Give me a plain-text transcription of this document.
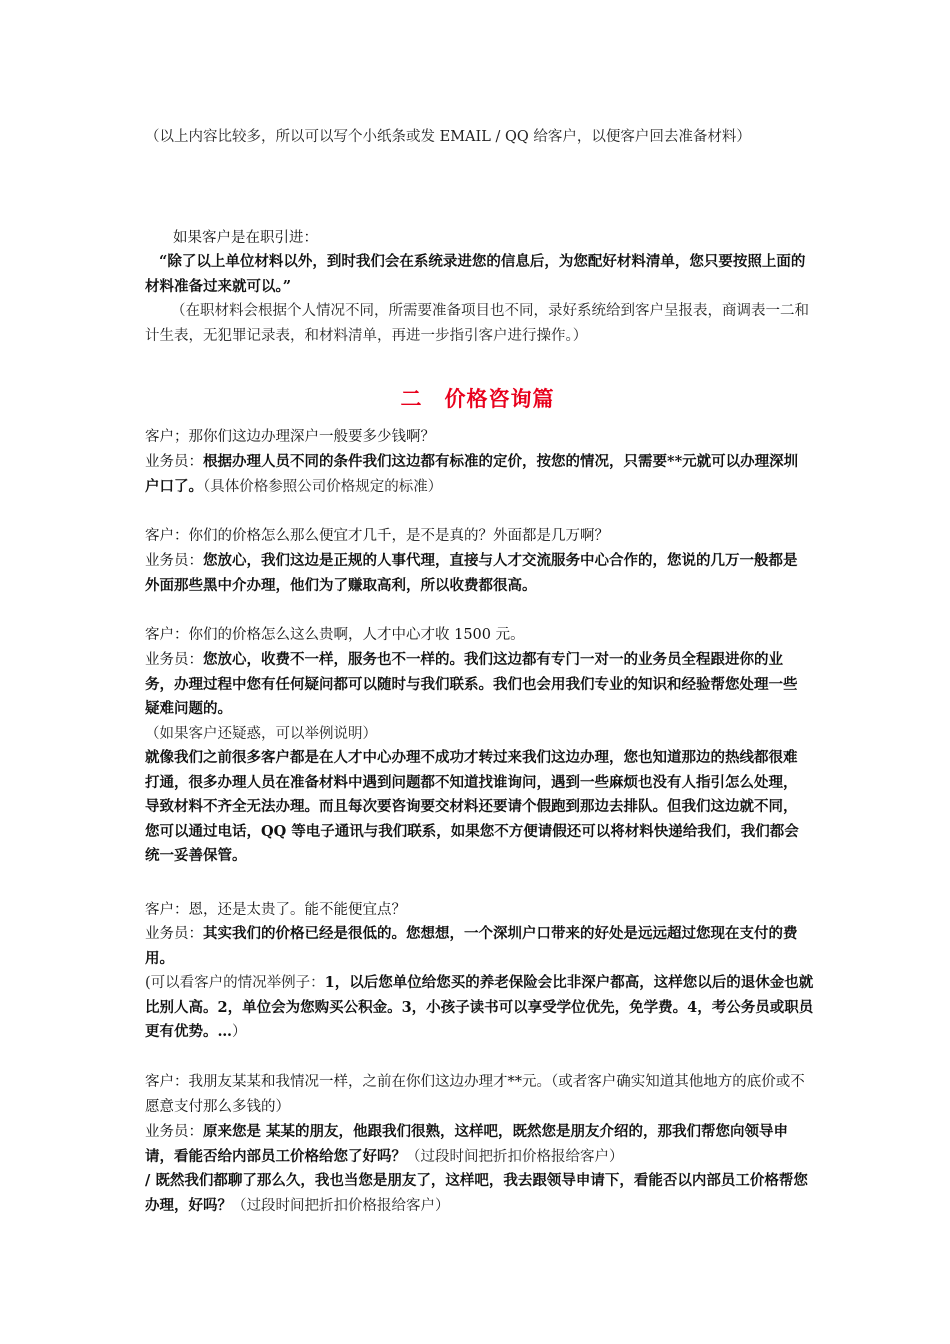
（以上内容比较多，所以可以写个小纸条或发 EMAIL / QQ 给客户，以便客户回去准备材料）

如果客户是在职引进：

“除了以上单位材料以外，到时我们会在系统录进您的信息后，为您配好材料清单，您只要按照上面的材料准备过来就可以。”

（在职材料会根据个人情况不同，所需要准备项目也不同，录好系统给到客户呈报表，商调表一二和计生表，无犯罪记录表，和材料清单，再进一步指引客户进行操作。）

二 价格咨询篇

客户；那你们这边办理深户一般要多少钱啊？

业务员：根据办理人员不同的条件我们这边都有标准的定价，按您的情况，只需要**元就可以办理深圳户口了。（具体价格参照公司价格规定的标准）

客户：你们的价格怎么那么便宜才几千，是不是真的？外面都是几万啊？

业务员：您放心，我们这边是正规的人事代理，直接与人才交流服务中心合作的，您说的几万一般都是外面那些黑中介办理，他们为了赚取高利，所以收费都很高。

客户：你们的价格怎么这么贵啊，人才中心才收 1500 元。

业务员：您放心，收费不一样，服务也不一样的。我们这边都有专门一对一的业务员全程跟进你的业务，办理过程中您有任何疑问都可以随时与我们联系。我们也会用我们专业的知识和经验帮您处理一些疑难问题的。

（如果客户还疑惑，可以举例说明）

就像我们之前很多客户都是在人才中心办理不成功才转过来我们这边办理，您也知道那边的热线都很难打通，很多办理人员在准备材料中遇到问题都不知道找谁询问，遇到一些麻烦也没有人指引怎么处理，导致材料不齐全无法办理。而且每次要咨询要交材料还要请个假跑到那边去排队。但我们这边就不同，您可以通过电话，QQ 等电子通讯与我们联系，如果您不方便请假还可以将材料快递给我们，我们都会统一妥善保管。

客户：恩，还是太贵了。能不能便宜点？

业务员：其实我们的价格已经是很低的。您想想，一个深圳户口带来的好处是远远超过您现在支付的费用。

(可以看客户的情况举例子：1，以后您单位给您买的养老保险会比非深户都高，这样您以后的退休金也就比别人高。2，单位会为您购买公积金。3，小孩子读书可以享受学位优先，免学费。4，考公务员或职员更有优势。…）

客户：我朋友某某和我情况一样，之前在你们这边办理才**元。（或者客户确实知道其他地方的底价或不愿意支付那么多钱的）

业务员：原来您是 某某的朋友，他跟我们很熟，这样吧，既然您是朋友介绍的，那我们帮您向领导申请，看能否给内部员工价格给您了好吗？（过段时间把折扣价格报给客户）

/ 既然我们都聊了那么久，我也当您是朋友了，这样吧，我去跟领导申请下，看能否以内部员工价格帮您办理，好吗？（过段时间把折扣价格报给客户）
